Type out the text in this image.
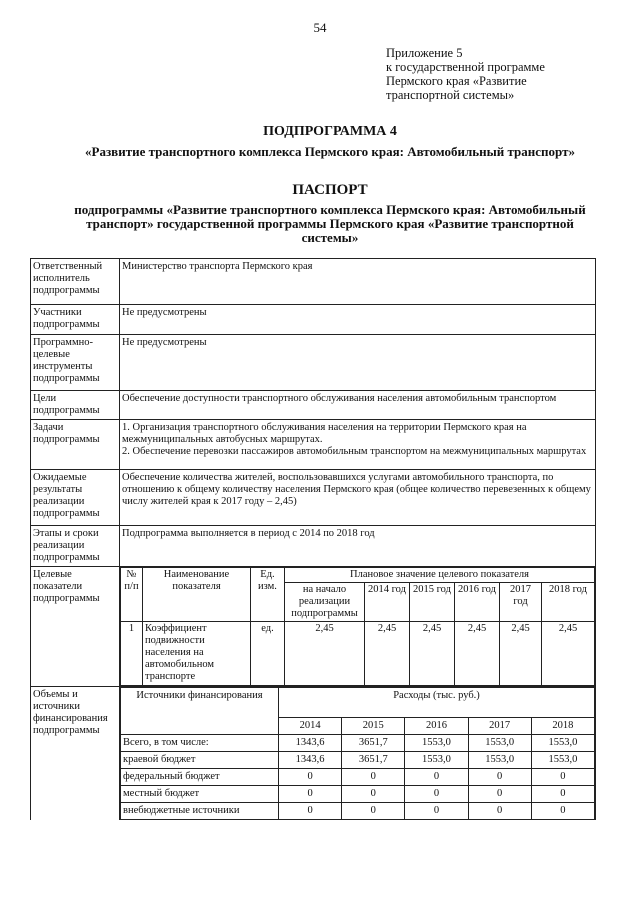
54
Приложение 5
к государственной программе
Пермского края «Развитие
транспортной системы»
ПОДПРОГРАММА 4
«Развитие транспортного комплекса Пермского края: Автомобильный транспорт»
ПАСПОРТ
подпрограммы «Развитие транспортного комплекса Пермского края: Автомобильный транспорт» государственной программы Пермского края «Развитие транспортной системы»
Ответственный исполнитель подпрограммы	Министерство транспорта Пермского края
Участники подпрограммы	Не предусмотрены
Программно-целевые инструменты подпрограммы	Не предусмотрены
Цели подпрограммы	Обеспечение доступности транспортного обслуживания населения автомобильным транспортом
Задачи подпрограммы	
1. Организация транспортного обслуживания населения на территории Пермского края на межмуниципальных автобусных маршрутах.
2. Обеспечение перевозки пассажиров автомобильным транспортом на межмуниципальных маршрутах

Ожидаемые результаты реализации подпрограммы	Обеспечение количества жителей, воспользовавшихся услугами автомобильного транспорта, по отношению к общему количеству населения Пермского края (общее количество перевезенных к общему числу жителей края к 2017 году – 2,45)
Этапы и сроки реализации подпрограммы	Подпрограмма выполняется в период с 2014 по 2018 год
Целевые показатели подпрограммы	
№ п/п	Наименование показателя	Ед. изм.	Плановое значение целевого показателя
на начало реализации подпрограммы	2014 год	2015 год	2016 год	2017 год	2018 год
1	Коэффициент подвижности населения на автомобильном транспорте	ед.	2,45	2,45	2,45	2,45	2,45	2,45

Объемы и источники финансирования подпрограммы	
Источники финансирования	Расходы (тыс. руб.)
2014	2015	2016	2017	2018
Всего, в том числе:	1343,6	3651,7	1553,0	1553,0	1553,0
краевой бюджет	1343,6	3651,7	1553,0	1553,0	1553,0
федеральный бюджет	0	0	0	0	0
местный бюджет	0	0	0	0	0
внебюджетные источники	0	0	0	0	0
